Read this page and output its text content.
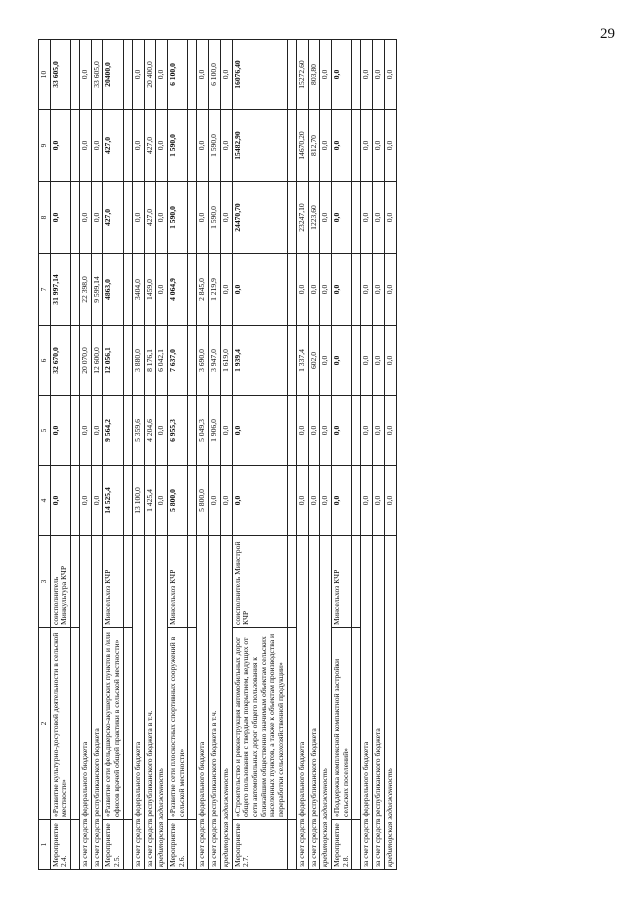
29
1	2	3	4	5	6	7	8	9	10
Мероприятие 2.4.	«Развитие культурно-досуговой деятельности в сельской местности»	соисполнитель Минкультура КЧР	0,0	0,0	32 670,0	31 997,14	0,0	0,0	33 605,0

за счет средств федерального бюджета			0,0	0,0	20 070,0	22 398,0	0,0	0,0	0,0
за счет средств республиканского бюджета			0,0	0,0	12 600,0	9 599,14	0,0	0,0	33 605,0
Мероприятие 2.5.	«Развитие сети фельдшерско-акушерских пунктов и /или офисов врачей общей практики в сельской местности»	Минсельхоз КЧР	14 525,4	9 564,2	12 056,1	4863,0	427,0	427,0	20400,0

за счет средств федерального бюджета			13 100,0	5 359,6	3 880,0	3404,0	0,0	0,0	0,0
за счет средств республиканского бюджета в т.ч.			1 425,4	4 204,6	8 176,1	1459,0	427,0	427,0	20 400,0
кредиторская задолженность			0,0	0,0	6 042,1	0,0	0,0	0,0	0,0
Мероприятие 2.6.	«Развитие сети плоскостных спортивных сооружений в сельской местности»	Минсельхоз КЧР	5 800,0	6 955,3	7 637,0	4 064,9	1 590,0	1 590,0	6 100,0

за счет средств федерального бюджета			5 800,0	5 049,3	3 690,0	2 845,0	0,0	0,0	0,0
за счет средств республиканского бюджета в т.ч.			0,0	1 906,0	3 947,0	1 219,9	1 590,0	1 590,0	6 100,0
кредиторская задолженность			0,0	0,0	1 619,0	0,0	0,0	0,0	0,0
Мероприятие 2.7.	«Строительство и реконструкция автомобильных дорог общего пользования с твердым покрытием, ведущих от сети автомобильных дорог общего пользования к ближайшим общественно значимым объектам сельских населенных пунктов, а также к объектам производства и переработки сельскохозяйственной продукции»	соисполнитель Минстрой КЧР	0,0	0,0	1 939,4	0,0	24470,70	15482,90	16076,40

за счет средств федерального бюджета			0,0	0,0	1 337,4	0,0	23247,10	14670,20	15272,60
за счет средств республиканского бюджета			0,0	0,0	602,0	0,0	1223,60	812,70	803,80
кредиторская задолженность			0,0	0,0	0,0	0,0	0,0	0,0	0,0
Мероприятие 2.8.	«Поддержка комплексной компактной застройки сельских поселений»	Минсельхоз КЧР	0,0	0,0	0,0	0,0	0,0	0,0	0,0

за счет средств федерального бюджета			0,0	0,0	0,0	0,0	0,0	0,0	0,0
за счет средств республиканского бюджета			0,0	0,0	0,0	0,0	0,0	0,0	0,0
кредиторская задолженность			0,0	0,0	0,0	0,0	0,0	0,0	0,0
